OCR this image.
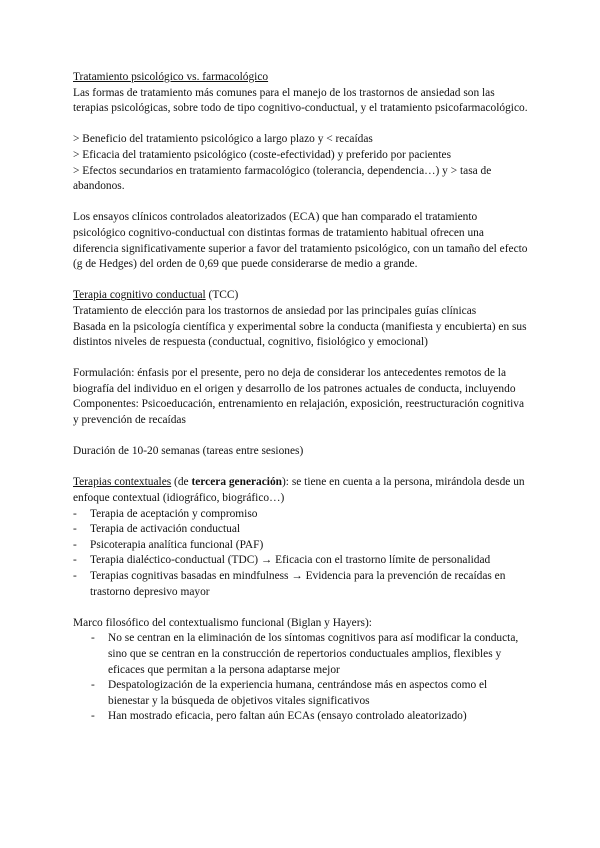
Tratamiento psicológico vs. farmacológico

Las formas de tratamiento más comunes para el manejo de los trastornos de ansiedad son las terapias psicológicas, sobre todo de tipo cognitivo-conductual, y el tratamiento psicofarmacológico.

> Beneficio del tratamiento psicológico a largo plazo y < recaídas

> Eficacia del tratamiento psicológico (coste-efectividad) y preferido por pacientes

> Efectos secundarios en tratamiento farmacológico (tolerancia, dependencia…) y > tasa de abandonos.

Los ensayos clínicos controlados aleatorizados (ECA) que han comparado el tratamiento psicológico cognitivo-conductual con distintas formas de tratamiento habitual ofrecen una diferencia significativamente superior a favor del tratamiento psicológico, con un tamaño del efecto (g de Hedges) del orden de 0,69 que puede considerarse de medio a grande.

Terapia cognitivo conductual (TCC)

Tratamiento de elección para los trastornos de ansiedad por las principales guías clínicas

Basada en la psicología científica y experimental sobre la conducta (manifiesta y encubierta) en sus distintos niveles de respuesta (conductual, cognitivo, fisiológico y emocional)

Formulación: énfasis por el presente, pero no deja de considerar los antecedentes remotos de la biografía del individuo en el origen y desarrollo de los patrones actuales de conducta, incluyendo

Componentes: Psicoeducación, entrenamiento en relajación, exposición, reestructuración cognitiva y prevención de recaídas

Duración de 10-20 semanas (tareas entre sesiones)

Terapias contextuales (de tercera generación): se tiene en cuenta a la persona, mirándola desde un enfoque contextual (idiográfico, biográfico…)

- Terapia de aceptación y compromiso
- Terapia de activación conductual
- Psicoterapia analítica funcional (PAF)
- Terapia dialéctico-conductual (TDC) → Eficacia con el trastorno límite de personalidad
- Terapias cognitivas basadas en mindfulness → Evidencia para la prevención de recaídas en trastorno depresivo mayor

Marco filosófico del contextualismo funcional (Biglan y Hayers):

- No se centran en la eliminación de los síntomas cognitivos para así modificar la conducta, sino que se centran en la construcción de repertorios conductuales amplios, flexibles y eficaces que permitan a la persona adaptarse mejor
- Despatologización de la experiencia humana, centrándose más en aspectos como el bienestar y la búsqueda de objetivos vitales significativos
- Han mostrado eficacia, pero faltan aún ECAs (ensayo controlado aleatorizado)
